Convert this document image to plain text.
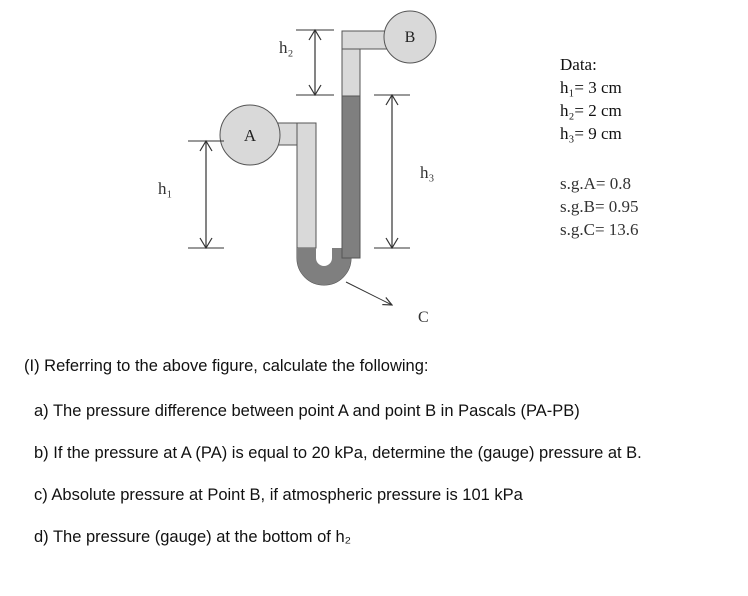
A
B
h₁
h₂
h₃
C
Data:
h₁= 3 cm
h₂= 2 cm
h₃= 9 cm
s.g.A= 0.8
s.g.B= 0.95
s.g.C= 13.6
(I) Referring to the above figure, calculate the following:
a) The pressure difference between point A and point B in Pascals (PA-PB)
b) If the pressure at A (PA) is equal to 20 kPa, determine the (gauge) pressure at B.
c) Absolute pressure at Point B, if atmospheric pressure is 101 kPa
d) The pressure (gauge) at the bottom of h₂
